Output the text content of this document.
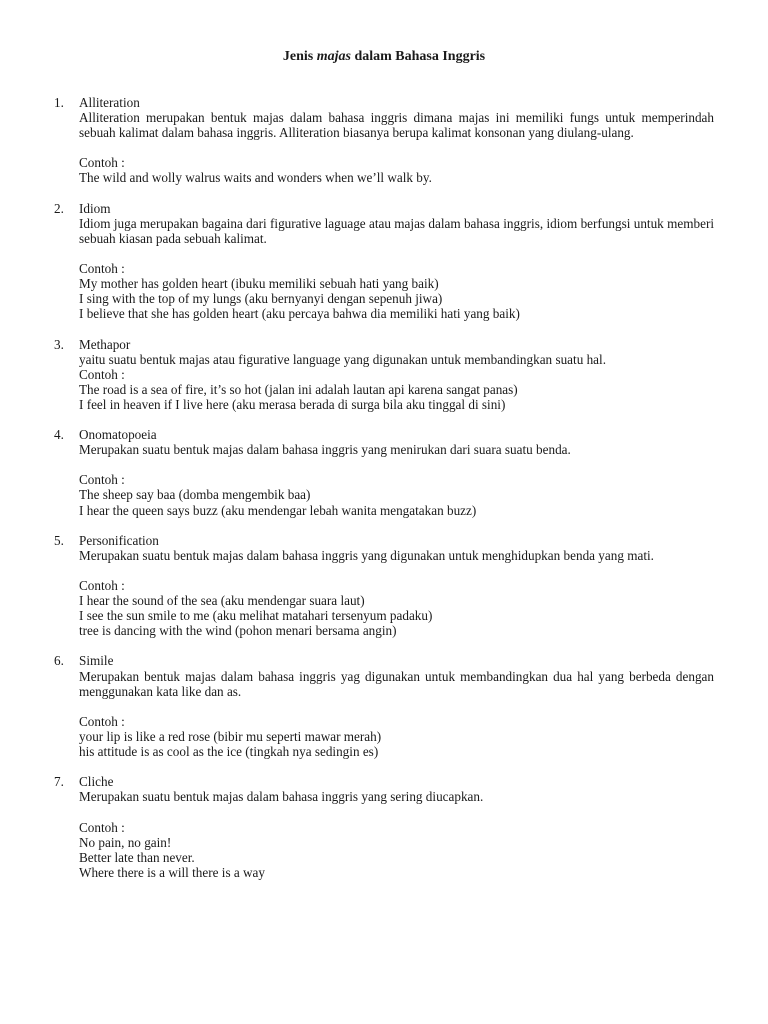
Jenis majas dalam Bahasa Inggris
1.	Alliteration

Alliteration merupakan bentuk majas dalam bahasa inggris dimana majas ini memiliki fungs untuk memperindah sebuah kalimat dalam bahasa inggris. Alliteration biasanya berupa kalimat konsonan yang diulang-ulang.

Contoh :
The wild and wolly walrus waits and wonders when we’ll walk by.
2.	Idiom

Idiom juga merupakan bagaina dari figurative laguage atau majas dalam bahasa inggris, idiom berfungsi untuk memberi sebuah kiasan pada sebuah kalimat.

Contoh :
My mother has golden heart (ibuku memiliki sebuah hati yang baik)
I sing with the top of my lungs (aku bernyanyi dengan sepenuh jiwa)
I believe that she has golden heart (aku percaya bahwa dia memiliki hati yang baik)
3.	Methapor

yaitu suatu bentuk majas atau figurative language yang digunakan untuk membandingkan suatu hal.

Contoh :
The road is a sea of fire, it’s so hot (jalan ini adalah lautan api karena sangat panas)
I feel in heaven if I live here (aku merasa berada di surga bila aku tinggal di sini)
4.	Onomatopoeia

Merupakan suatu bentuk majas dalam bahasa inggris yang menirukan dari suara suatu benda.

Contoh :
The sheep say baa (domba mengembik baa)
I hear the queen says buzz (aku mendengar lebah wanita mengatakan buzz)
5.	Personification

Merupakan suatu bentuk majas dalam bahasa inggris yang digunakan untuk menghidupkan benda yang mati.

Contoh :
I hear the sound of the sea (aku mendengar suara laut)
I see the sun smile to me (aku melihat matahari tersenyum padaku)
tree is dancing with the wind (pohon menari bersama angin)
6.	Simile

Merupakan bentuk majas dalam bahasa inggris yag digunakan untuk membandingkan dua hal yang berbeda dengan menggunakan kata like dan as.

Contoh :
your lip is like a red rose (bibir mu seperti mawar merah)
his attitude is as cool as the ice (tingkah nya sedingin es)
7.	Cliche

Merupakan suatu bentuk majas dalam bahasa inggris yang sering diucapkan.

Contoh :
No pain, no gain!
Better late than never.
Where there is a will there is a way
